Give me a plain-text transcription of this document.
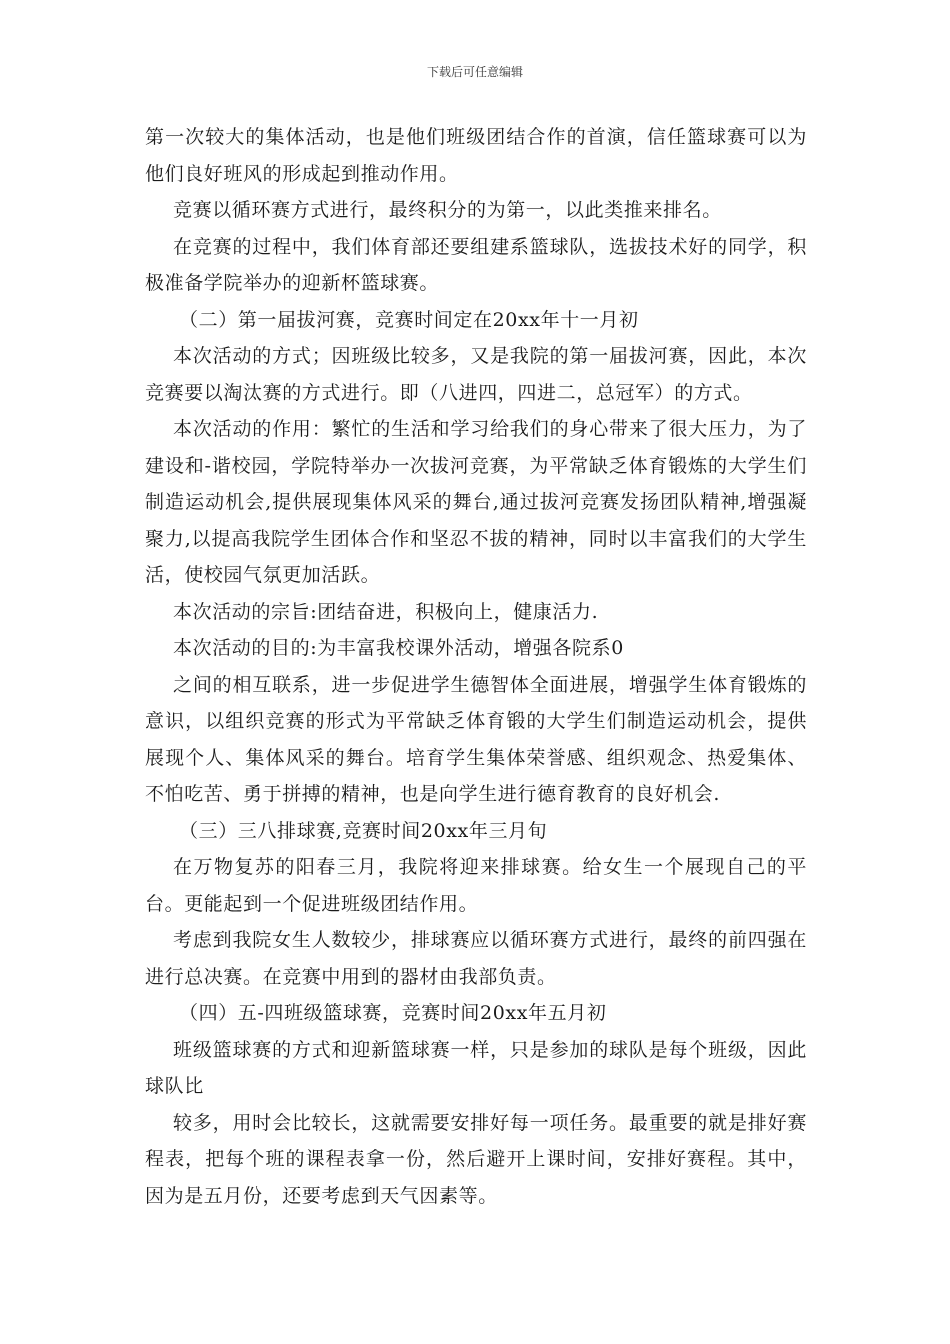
下载后可任意编辑

第一次较大的集体活动，也是他们班级团结合作的首演，信任篮球赛可以为他们良好班风的形成起到推动作用。

竞赛以循环赛方式进行，最终积分的为第一，以此类推来排名。

在竞赛的过程中，我们体育部还要组建系篮球队，选拔技术好的同学，积极准备学院举办的迎新杯篮球赛。

（二）第一届拔河赛，竞赛时间定在20xx年十一月初

本次活动的方式；因班级比较多，又是我院的第一届拔河赛，因此，本次竞赛要以淘汰赛的方式进行。即（八进四，四进二，总冠军）的方式。

本次活动的作用：繁忙的生活和学习给我们的身心带来了很大压力，为了建设和-谐校园，学院特举办一次拔河竞赛，为平常缺乏体育锻炼的大学生们制造运动机会,提供展现集体风采的舞台,通过拔河竞赛发扬团队精神,增强凝聚力,以提高我院学生团体合作和坚忍不拔的精神，同时以丰富我们的大学生活，使校园气氛更加活跃。

本次活动的宗旨:团结奋进，积极向上，健康活力.

本次活动的目的:为丰富我校课外活动，增强各院系0

之间的相互联系，进一步促进学生德智体全面进展，增强学生体育锻炼的意识，以组织竞赛的形式为平常缺乏体育锻的大学生们制造运动机会，提供展现个人、集体风采的舞台。培育学生集体荣誉感、组织观念、热爱集体、不怕吃苦、勇于拼搏的精神，也是向学生进行德育教育的良好机会.

（三）三八排球赛,竞赛时间20xx年三月旬

在万物复苏的阳春三月，我院将迎来排球赛。给女生一个展现自己的平台。更能起到一个促进班级团结作用。

考虑到我院女生人数较少，排球赛应以循环赛方式进行，最终的前四强在进行总决赛。在竞赛中用到的器材由我部负责。

（四）五-四班级篮球赛，竞赛时间20xx年五月初

班级篮球赛的方式和迎新篮球赛一样，只是参加的球队是每个班级，因此球队比

较多，用时会比较长，这就需要安排好每一项任务。最重要的就是排好赛程表，把每个班的课程表拿一份，然后避开上课时间，安排好赛程。其中，因为是五月份，还要考虑到天气因素等。
